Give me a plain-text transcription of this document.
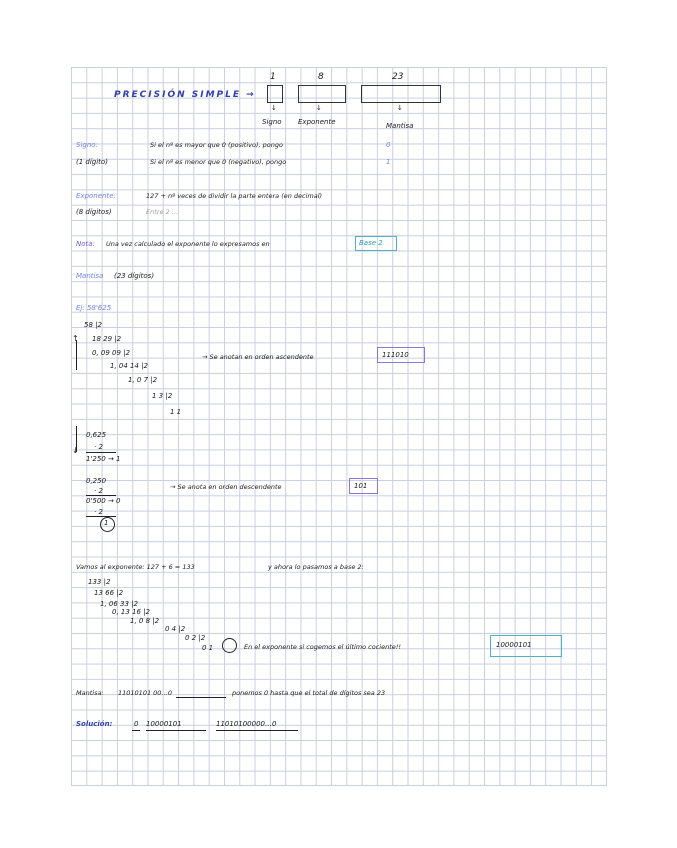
PRECISIÓN SIMPLE →
1	8	23
↓	↓	↓
Signo Exponente	Mantisa
Signo:
(1 dígito)
Si el nº es mayor que 0 (positivo), pongo	0
Si el nº es menor que 0 (negativo), pongo	1
Exponente:
(8 dígitos)
127 + nº veces de dividir la parte entera (en decimal)
Entre 2 …
Nota: Una vez calculado el exponente lo expresamos en	Base 2
Mantisa (23 dígitos)
Ej: 58'625
58 |2
18 29 |2
0, 09 09 |2
1, 04 14 |2
1, 0 7 |2
1 3 |2
1 1
↑
→ Se anotan en orden ascendente	111010
↓
0,625
· 2
1'250 → 1
0,250
· 2
0'500 → 0
· 2
1
→ Se anota en orden descendente	101
Vamos al exponente: 127 + 6 = 133	y ahora lo pasamos a base 2:
133 |2
13 66 |2
1, 06 33 |2
0, 13 16 |2
1, 0 8 |2
0 4 |2
0 2 |2
0 1 ○ En el exponente si cogemos el último cociente!!	10000101
Mantisa: 11010101 00…0	ponemos 0 hasta que el total de dígitos sea 23
Solución:	0 10000101	11010100000…0
